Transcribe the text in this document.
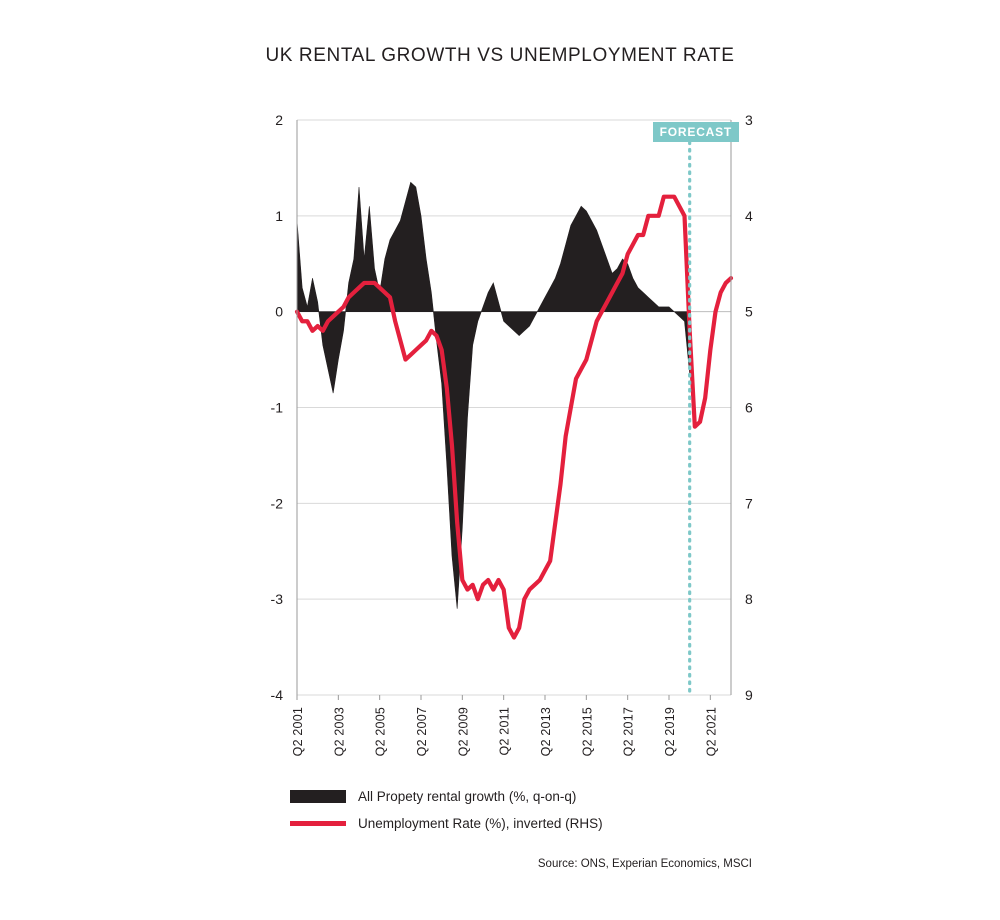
UK RENTAL GROWTH VS UNEMPLOYMENT RATE
2
1
0
-1
-2
-3
-4
3
4
5
6
7
8
9
Q2 2001 Q2 2003 Q2 2005 Q2 2007 Q2 2009 Q2 2011 Q2 2013 Q2 2015 Q2 2017 Q2 2019 Q2 2021
FORECAST
All Propety rental growth (%, q-on-q)
Unemployment Rate (%), inverted (RHS)
Source: ONS, Experian Economics, MSCI
